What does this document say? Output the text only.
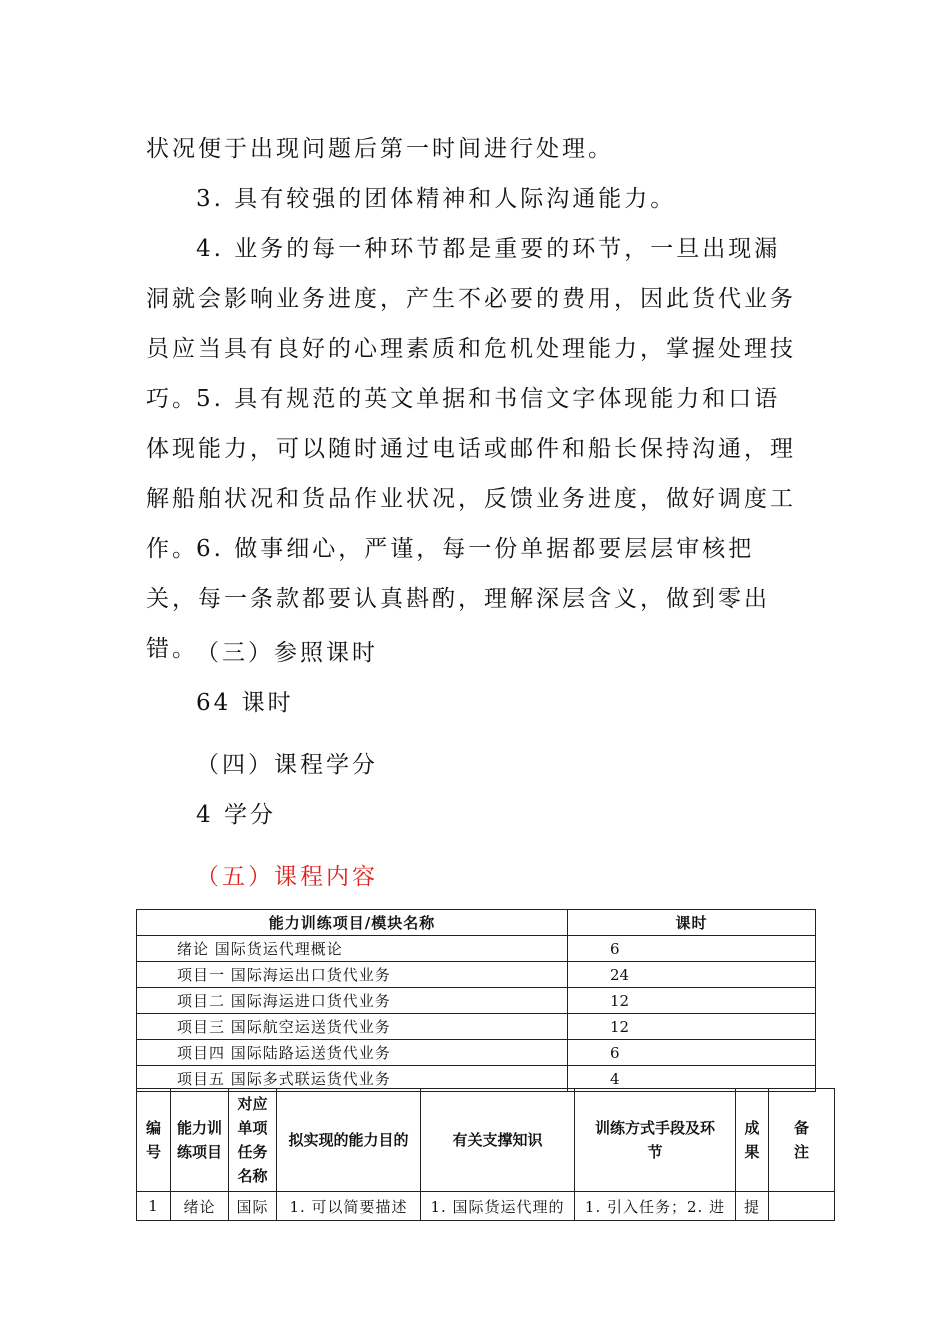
状况便于出现问题后第一时间进行处理。

3. 具有较强的团体精神和人际沟通能力。

4. 业务的每一种环节都是重要的环节，一旦出现漏洞就会影响业务进度，产生不必要的费用，因此货代业务员应当具有良好的心理素质和危机处理能力，掌握处理技巧。

5. 具有规范的英文单据和书信文字体现能力和口语体现能力，可以随时通过电话或邮件和船长保持沟通，理解船舶状况和货品作业状况，反馈业务进度，做好调度工作。

6. 做事细心，严谨，每一份单据都要层层审核把关，每一条款都要认真斟酌，理解深层含义，做到零出错。

（三）参照课时

64 课时

（四）课程学分

4 学分

（五）课程内容

能力训练项目/模块名称	课时
绪论 国际货运代理概论	6
项目一 国际海运出口货代业务	24
项目二 国际海运进口货代业务	12
项目三 国际航空运送货代业务	12
项目四 国际陆路运送货代业务	6
项目五 国际多式联运货代业务	4
编号	能力训练项目	对应单项任务名称	拟实现的能力目的	有关支撑知识	训练方式手段及环节	成果	备注
1	绪论	国际	1. 可以简要描述	1. 国际货运代理的	1. 引入任务；2. 进	提	
